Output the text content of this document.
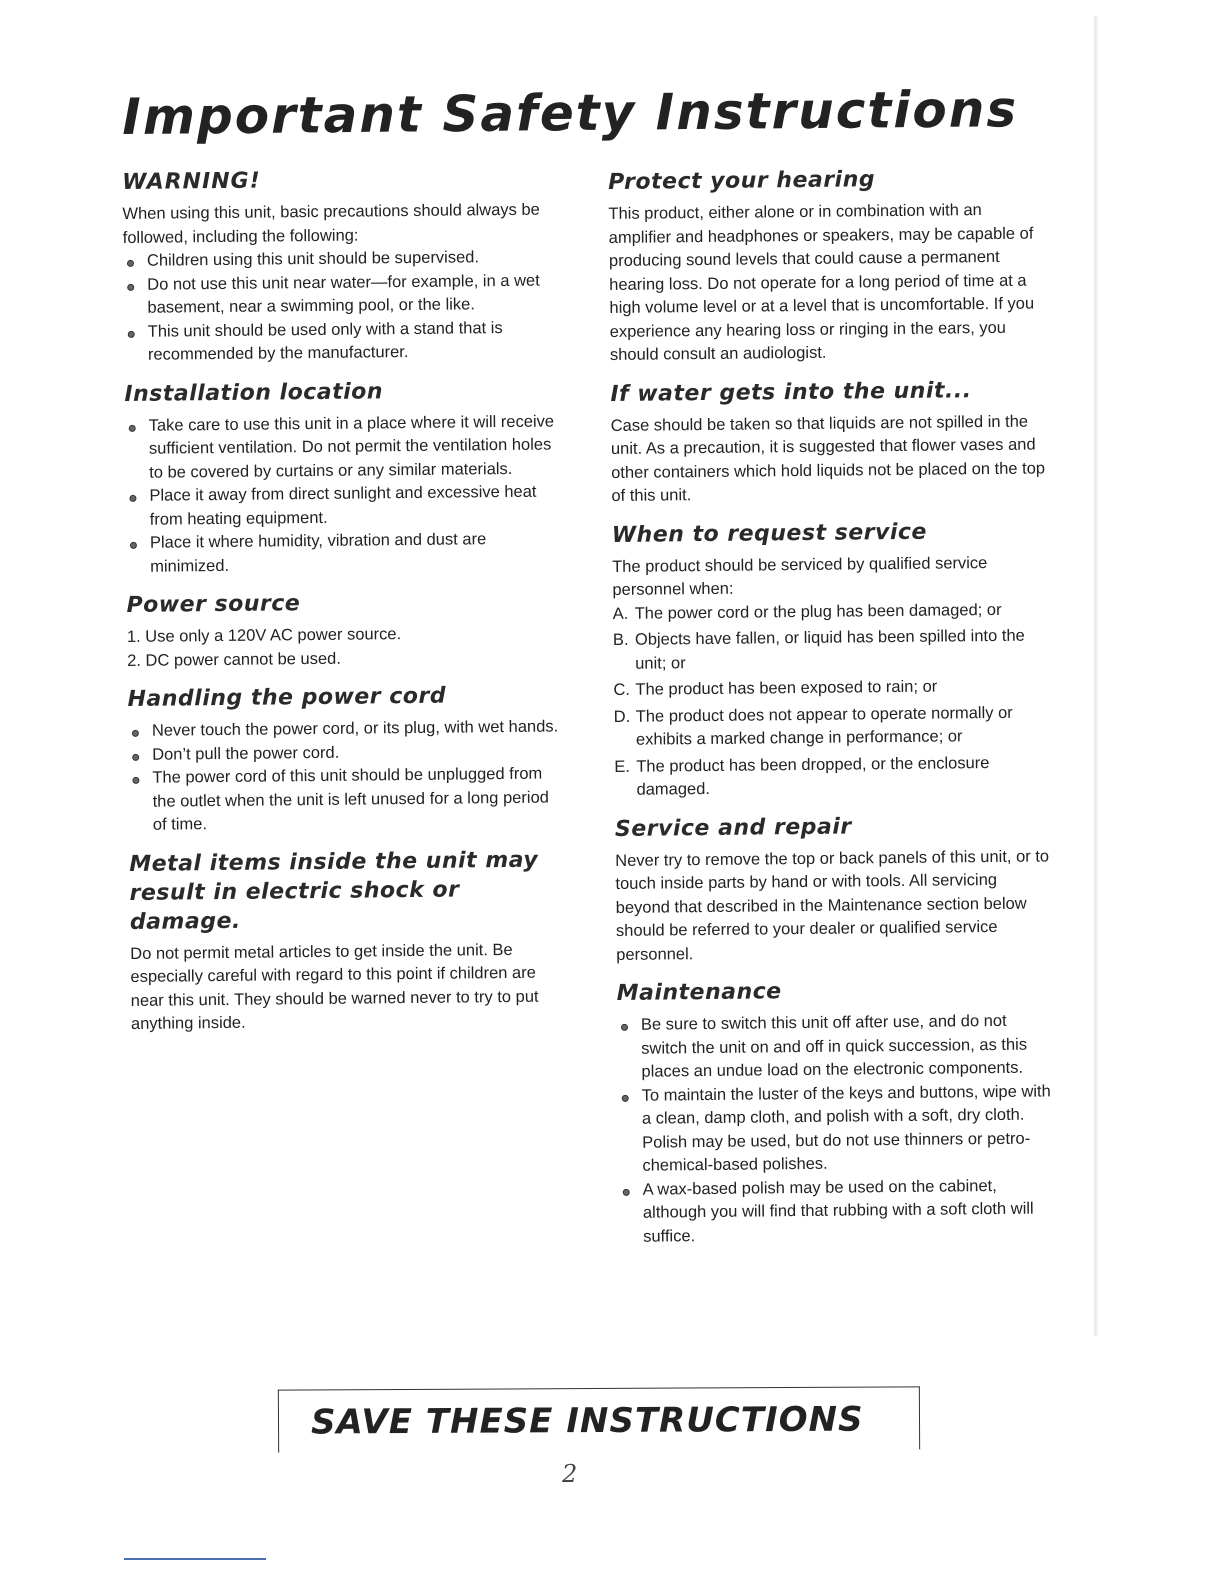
Important Safety Instructions
WARNING!

When using this unit, basic precautions should always be followed, including the following:

Children using this unit should be supervised.
Do not use this unit near water—for example, in a wet basement, near a swimming pool, or the like.
This unit should be used only with a stand that is recommended by the manufacturer.
Installation location
Take care to use this unit in a place where it will receive sufficient ventilation. Do not permit the ventilation holes to be covered by curtains or any similar materials.
Place it away from direct sunlight and excessive heat from heating equipment.
Place it where humidity, vibration and dust are minimized.
Power source
1. Use only a 120V AC power source.
2. DC power cannot be used.
Handling the power cord
Never touch the power cord, or its plug, with wet hands.
Don’t pull the power cord.
The power cord of this unit should be unplugged from the outlet when the unit is left unused for a long period of time.
Metal items inside the unit may result in electric shock or damage.

Do not permit metal articles to get inside the unit. Be especially careful with regard to this point if children are near this unit. They should be warned never to try to put anything inside.

Protect your hearing

This product, either alone or in combination with an amplifier and headphones or speakers, may be capable of producing sound levels that could cause a permanent hearing loss. Do not operate for a long period of time at a high volume level or at a level that is uncomfortable. If you experience any hearing loss or ringing in the ears, you should consult an audiologist.

If water gets into the unit...

Case should be taken so that liquids are not spilled in the unit. As a precaution, it is suggested that flower vases and other containers which hold liquids not be placed on the top of this unit.

When to request service

The product should be serviced by qualified service personnel when:

A. The power cord or the plug has been damaged; or
B. Objects have fallen, or liquid has been spilled into the unit; or
C. The product has been exposed to rain; or
D. The product does not appear to operate normally or exhibits a marked change in performance; or
E. The product has been dropped, or the enclosure damaged.
Service and repair

Never try to remove the top or back panels of this unit, or to touch inside parts by hand or with tools. All servicing beyond that described in the Maintenance section below should be referred to your dealer or qualified service personnel.

Maintenance
Be sure to switch this unit off after use, and do not switch the unit on and off in quick succession, as this places an undue load on the electronic components.
To maintain the luster of the keys and buttons, wipe with a clean, damp cloth, and polish with a soft, dry cloth. Polish may be used, but do not use thinners or petro-chemical-based polishes.
A wax-based polish may be used on the cabinet, although you will find that rubbing with a soft cloth will suffice.

SAVE THESE INSTRUCTIONS

2
